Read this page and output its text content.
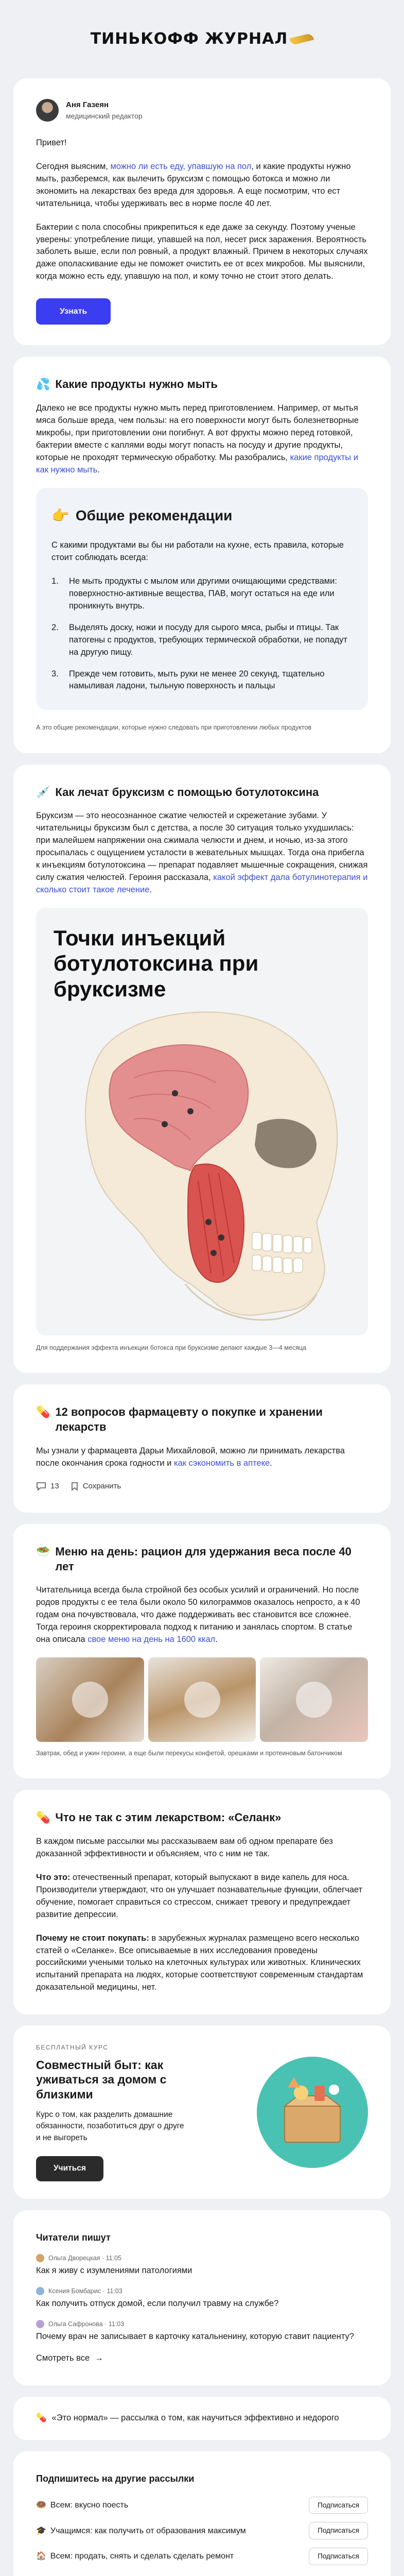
ТИНЬКОФФ ЖУРНАЛ
Аня Газеян
медицинский редактор

Привет!

Сегодня выясним, можно ли есть еду, упавшую на пол, и какие продукты нужно мыть, разберемся, как вылечить бруксизм с помощью ботокса и можно ли экономить на лекарствах без вреда для здоровья. А еще посмотрим, что ест читательница, чтобы удерживать вес в норме после 40 лет.

Бактерии с пола способны прикрепиться к еде даже за секунду. Поэтому ученые уверены: употребление пищи, упавшей на пол, несет риск заражения. Вероятность заболеть выше, если пол ровный, а продукт влажный. Причем в некоторых случаях даже ополаскивание еды не поможет очистить ее от всех микробов. Мы выяснили, когда можно есть еду, упавшую на пол, и кому точно не стоит этого делать.

Узнать
💦 Какие продукты нужно мыть

Далеко не все продукты нужно мыть перед приготовлением. Например, от мытья мяса больше вреда, чем пользы: на его поверхности могут быть болезнетворные микробы, при приготовлении они погибнут. А вот фрукты можно перед готовкой, бактерии вместе с каплями воды могут попасть на посуду и другие продукты, которые не проходят термическую обработку. Мы разобрались, какие продукты и как нужно мыть.

👉 Общие рекомендации

С какими продуктами вы бы ни работали на кухне, есть правила, которые стоит соблюдать всегда:

Не мыть продукты с мылом или другими очищающими средствами: поверхностно-активные вещества, ПАВ, могут остаться на еде или проникнуть внутрь.
Выделять доску, ножи и посуду для сырого мяса, рыбы и птицы. Так патогены с продуктов, требующих термической обработки, не попадут на другую пищу.
Прежде чем готовить, мыть руки не менее 20 секунд, тщательно намыливая ладони, тыльную поверхность и пальцы
А это общие рекомендации, которые нужно следовать при приготовлении любых продуктов
💉 Как лечат бруксизм с помощью ботулотоксина

Бруксизм — это неосознанное сжатие челюстей и скрежетание зубами. У читательницы бруксизм был с детства, а после 30 ситуация только ухудшилась: при малейшем напряжении она сжимала челюсти и днем, и ночью, из-за этого просыпалась с ощущением усталости в жевательных мышцах. Тогда она прибегла к инъекциям ботулотоксина — препарат подавляет мышечные сокращения, снижая силу сжатия челюстей. Героиня рассказала, какой эффект дала ботулинотерапия и сколько стоит такое лечение.

Точки инъекций ботулотоксина при бруксизме
Для поддержания эффекта инъекции ботокса при бруксизме делают каждые 3—4 месяца
💊 12 вопросов фармацевту о покупке и хранении лекарств

Мы узнали у фармацевта Дарьи Михайловой, можно ли принимать лекарства после окончания срока годности и как сэкономить в аптеке.

13	Сохранить
🥗 Меню на день: рацион для удержания веса после 40 лет

Читательница всегда была стройной без особых усилий и ограничений. Но после родов продукты с ее тела были около 50 килограммов оказалось непросто, а к 40 годам она почувствовала, что даже поддерживать вес становится все сложнее. Тогда героиня скорректировала подход к питанию и занялась спортом. В статье она описала свое меню на день на 1600 ккал.

Завтрак, обед и ужин героини, а еще были перекусы конфетой, орешками и протеиновым батончиком
💊 Что не так с этим лекарством: «Селанк»

В каждом письме рассылки мы рассказываем вам об одном препарате без доказанной эффективности и объясняем, что с ним не так.

Что это: отечественный препарат, который выпускают в виде капель для носа. Производители утверждают, что он улучшает познавательные функции, облегчает обучение, помогает справиться со стрессом, снижает тревогу и предупреждает развитие депрессии.

Почему не стоит покупать: в зарубежных журналах размещено всего несколько статей о «Селанке». Все описываемые в них исследования проведены российскими учеными только на клеточных культурах или животных. Клинических испытаний препарата на людях, которые соответствуют современным стандартам доказательной медицины, нет.

БЕСПЛАТНЫЙ КУРС
Совместный быт: как уживаться за домом с близкими
Курс о том, как разделить домашние обязанности, позаботиться друг о друге и не выгореть
Учиться
Читатели пишут
Ольга Дворецкая · 11:05
Как я живу с изумлениями патологиями
Ксения Бомбарис · 11:03
Как получить отпуск домой, если получил травму на службе?
Ольга Сафронова · 11:03
Почему врач не записывает в карточку катальненину, которую ставит пациенту?
Смотреть все →

💊 «Это нормал» — рассылка о том, как научиться эффективно и недорого

Подпишитесь на другие рассылки
🍩 Всем: вкусно поесть	Подписаться
🎓 Учащимся: как получить от образования максимум	Подписаться
🏠 Всем: продать, снять и сделать сделать ремонт	Подписаться
